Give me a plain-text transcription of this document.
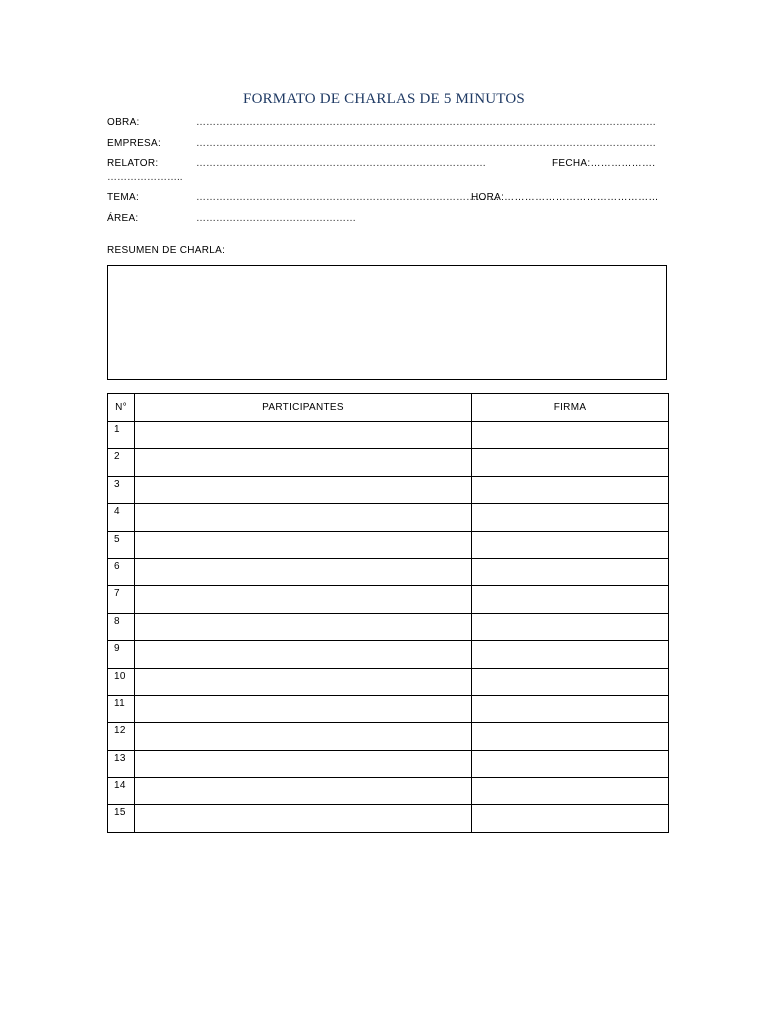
FORMATO DE CHARLAS DE 5 MINUTOS
OBRA:	…………………………………………………………………………………………………………………………
EMPRESA:	…………………………………………………………………………………………………………………………
RELATOR:	……………………………………………………………………………	FECHA:……………….
…………………..
TEMA:	……………………………………………………………………………….
HORA:………………………………………
ÁREA:	…………………………………………
RESUMEN DE CHARLA:
N°	PARTICIPANTES	FIRMA
1		
2		
3		
4		
5		
6		
7		
8		
9		
10		
11		
12		
13		
14		
15		
